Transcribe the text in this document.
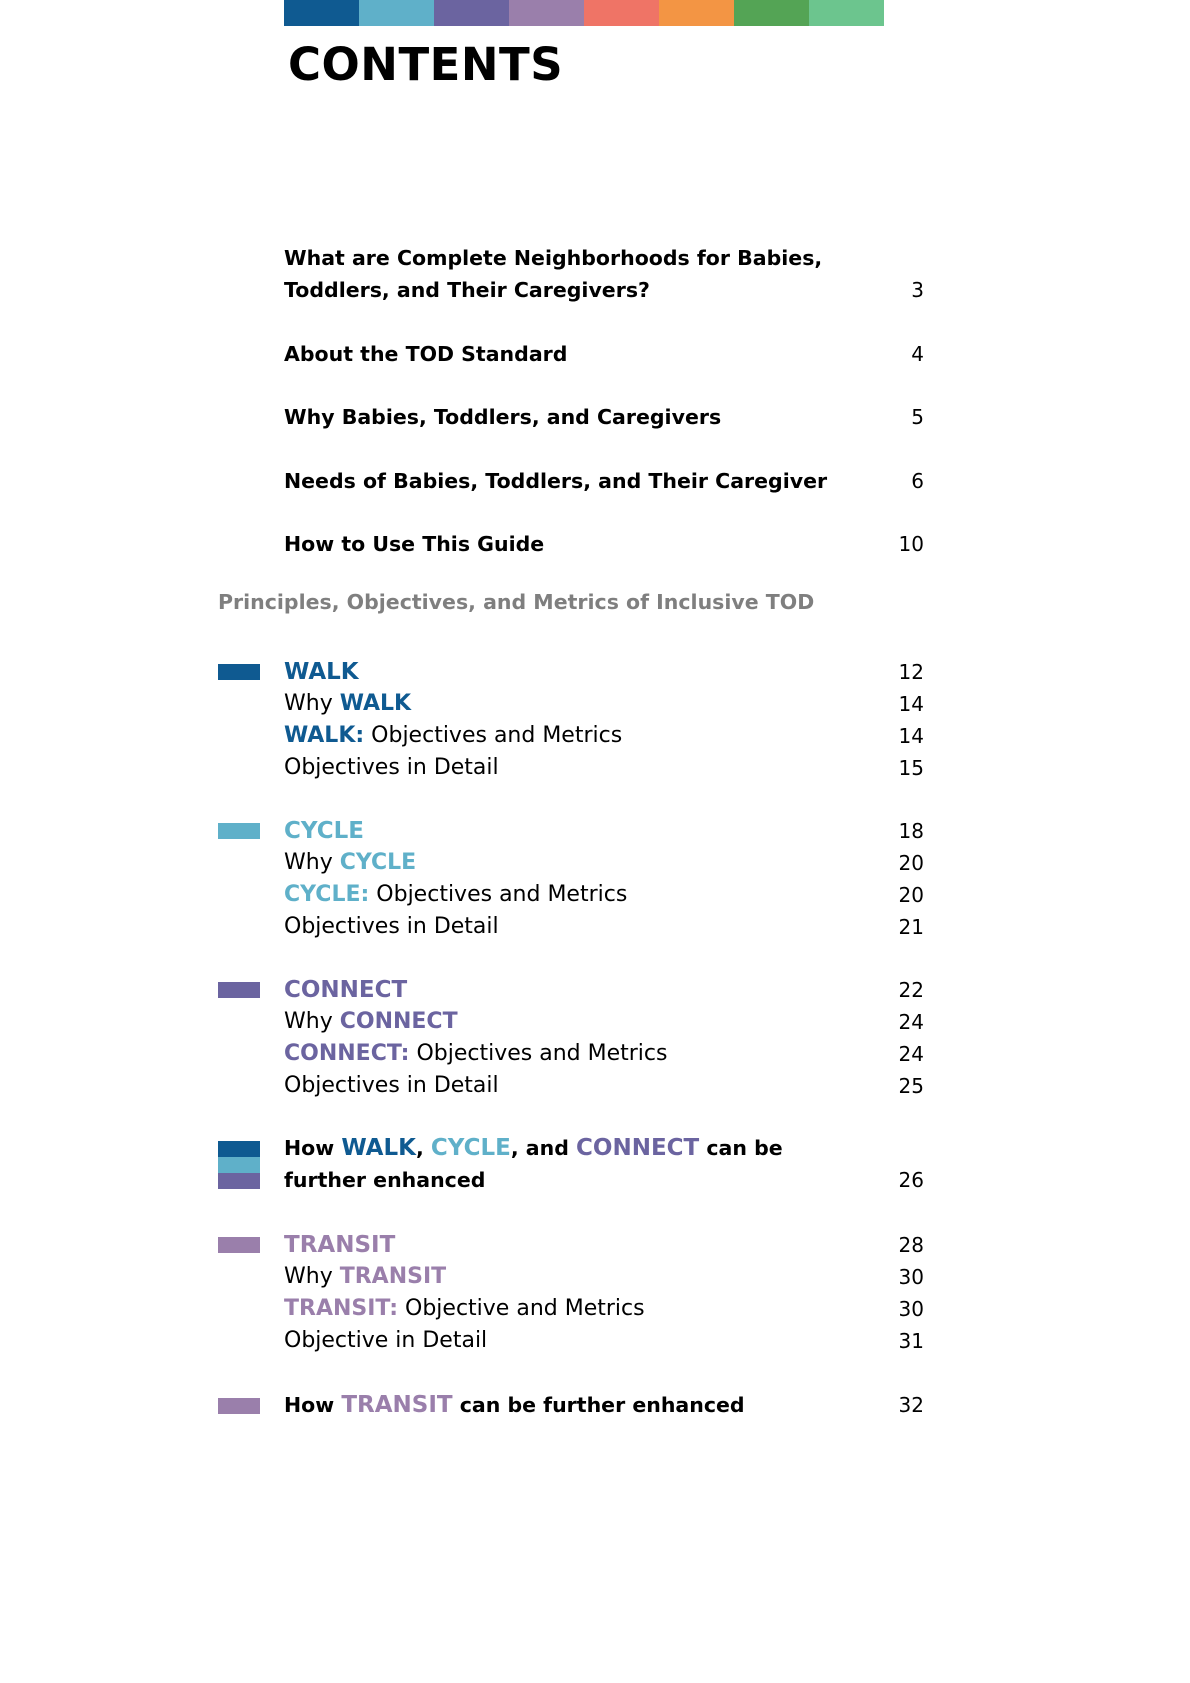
CONTENTS
What are Complete Neighborhoods for Babies, Toddlers, and Their Caregivers?	3
About the TOD Standard	4
Why Babies, Toddlers, and Caregivers	5
Needs of Babies, Toddlers, and Their Caregiver	6
How to Use This Guide	10
Principles, Objectives, and Metrics of Inclusive TOD
WALK	12
Why WALK	14
WALK: Objectives and Metrics	14
Objectives in Detail	15
CYCLE	18
Why CYCLE	20
CYCLE: Objectives and Metrics	20
Objectives in Detail	21
CONNECT	22
Why CONNECT	24
CONNECT: Objectives and Metrics	24
Objectives in Detail	25
How WALK, CYCLE, and CONNECT can be
further enhanced	26
TRANSIT	28
Why TRANSIT	30
TRANSIT: Objective and Metrics	30
Objective in Detail	31
How TRANSIT can be further enhanced	32
